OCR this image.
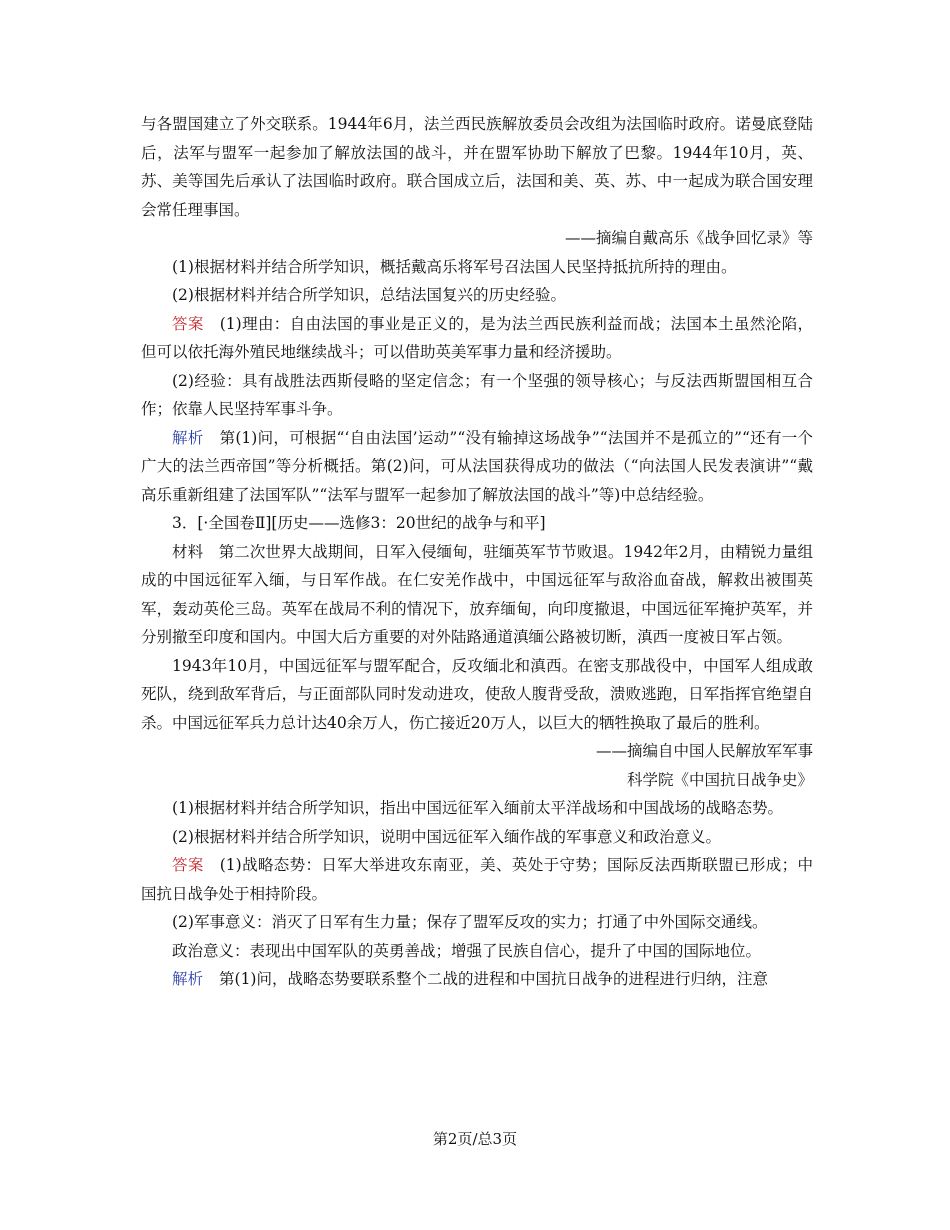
与各盟国建立了外交联系。1944年6月，法兰西民族解放委员会改组为法国临时政府。诺曼底登陆后，法军与盟军一起参加了解放法国的战斗，并在盟军协助下解放了巴黎。1944年10月，英、苏、美等国先后承认了法国临时政府。联合国成立后，法国和美、英、苏、中一起成为联合国安理会常任理事国。

——摘编自戴高乐《战争回忆录》等

(1)根据材料并结合所学知识，概括戴高乐将军号召法国人民坚持抵抗所持的理由。

(2)根据材料并结合所学知识，总结法国复兴的历史经验。

答案 (1)理由：自由法国的事业是正义的，是为法兰西民族利益而战；法国本土虽然沦陷，但可以依托海外殖民地继续战斗；可以借助英美军事力量和经济援助。

(2)经验：具有战胜法西斯侵略的坚定信念；有一个坚强的领导核心；与反法西斯盟国相互合作；依靠人民坚持军事斗争。

解析 第(1)问，可根据“‘自由法国’运动”“没有输掉这场战争”“法国并不是孤立的”“还有一个广大的法兰西帝国”等分析概括。第(2)问，可从法国获得成功的做法（“向法国人民发表演讲”“戴高乐重新组建了法国军队”“法军与盟军一起参加了解放法国的战斗”等)中总结经验。

3．[·全国卷Ⅱ][历史——选修3：20世纪的战争与和平]

材料　第二次世界大战期间，日军入侵缅甸，驻缅英军节节败退。1942年2月，由精锐力量组成的中国远征军入缅，与日军作战。在仁安羌作战中，中国远征军与敌浴血奋战，解救出被围英军，轰动英伦三岛。英军在战局不利的情况下，放弃缅甸，向印度撤退，中国远征军掩护英军，并分别撤至印度和国内。中国大后方重要的对外陆路通道滇缅公路被切断，滇西一度被日军占领。

1943年10月，中国远征军与盟军配合，反攻缅北和滇西。在密支那战役中，中国军人组成敢死队，绕到敌军背后，与正面部队同时发动进攻，使敌人腹背受敌，溃败逃跑，日军指挥官绝望自杀。中国远征军兵力总计达40余万人，伤亡接近20万人，以巨大的牺牲换取了最后的胜利。

——摘编自中国人民解放军军事

科学院《中国抗日战争史》

(1)根据材料并结合所学知识，指出中国远征军入缅前太平洋战场和中国战场的战略态势。

(2)根据材料并结合所学知识，说明中国远征军入缅作战的军事意义和政治意义。

答案 (1)战略态势：日军大举进攻东南亚，美、英处于守势；国际反法西斯联盟已形成；中国抗日战争处于相持阶段。

(2)军事意义：消灭了日军有生力量；保存了盟军反攻的实力；打通了中外国际交通线。

政治意义：表现出中国军队的英勇善战；增强了民族自信心，提升了中国的国际地位。

解析 第(1)问，战略态势要联系整个二战的进程和中国抗日战争的进程进行归纳，注意

第2页/总3页
